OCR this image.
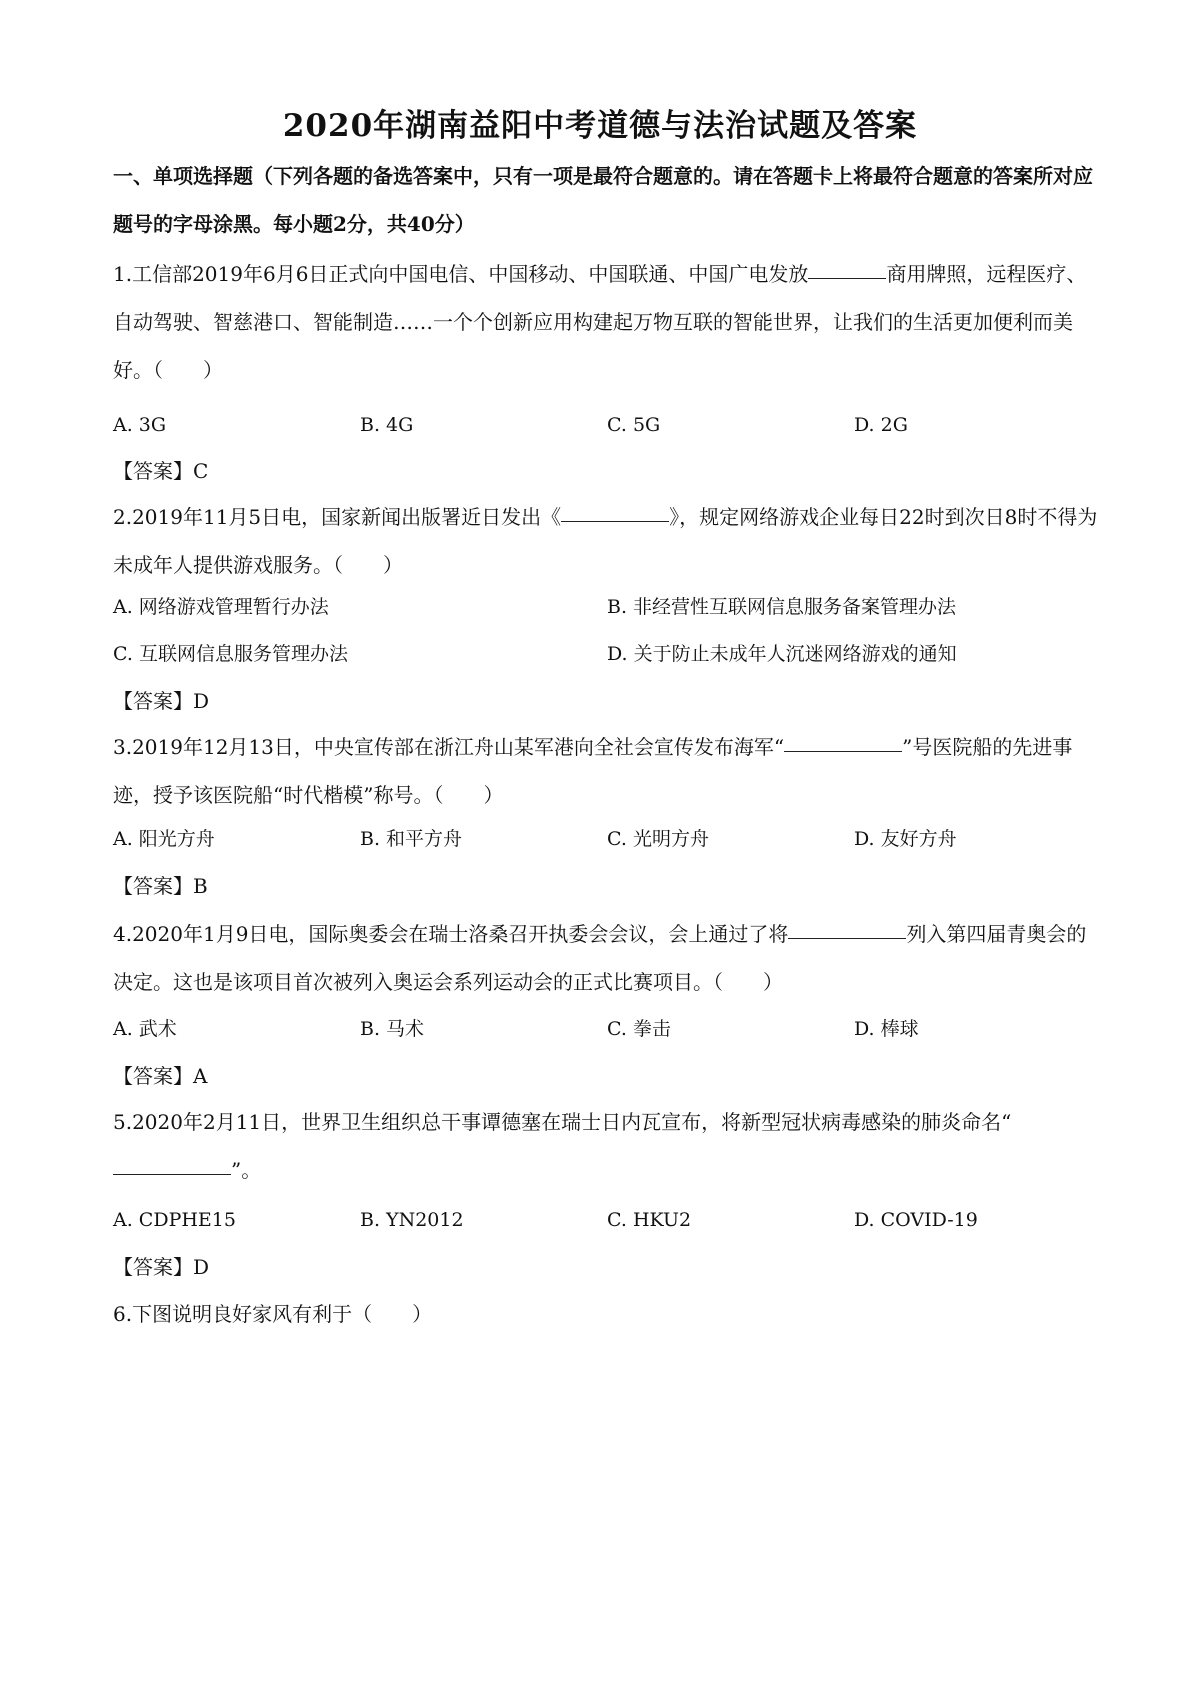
2020年湖南益阳中考道德与法治试题及答案
一、单项选择题（下列各题的备选答案中，只有一项是最符合题意的。请在答题卡上将最符合题意的答案所对应题号的字母涂黑。每小题2分，共40分）
1.工信部2019年6月6日正式向中国电信、中国移动、中国联通、中国广电发放	商用牌照，远程医疗、自动驾驶、智慈港口、智能制造……一个个创新应用构建起万物互联的智能世界，让我们的生活更加便利而美好。（　　）
A. 3G	B. 4G	C. 5G	D. 2G
【答案】C
2.2019年11月5日电，国家新闻出版署近日发出《	》，规定网络游戏企业每日22时到次日8时不得为未成年人提供游戏服务。（　　）
A. 网络游戏管理暂行办法	B. 非经营性互联网信息服务备案管理办法
C. 互联网信息服务管理办法	D. 关于防止未成年人沉迷网络游戏的通知
【答案】D
3.2019年12月13日，中央宣传部在浙江舟山某军港向全社会宣传发布海军“	”号医院船的先进事迹，授予该医院船“时代楷模”称号。（　　）
A. 阳光方舟	B. 和平方舟	C. 光明方舟	D. 友好方舟
【答案】B
4.2020年1月9日电，国际奥委会在瑞士洛桑召开执委会会议，会上通过了将	列入第四届青奥会的决定。这也是该项目首次被列入奥运会系列运动会的正式比赛项目。（　　）
A. 武术	B. 马术	C. 拳击	D. 棒球
【答案】A
5.2020年2月11日，世界卫生组织总干事谭德塞在瑞士日内瓦宣布，将新型冠状病毒感染的肺炎命名“”。
A. CDPHE15	B. YN2012	C. HKU2	D. COVID-19
【答案】D
6.下图说明良好家风有利于（　　）
